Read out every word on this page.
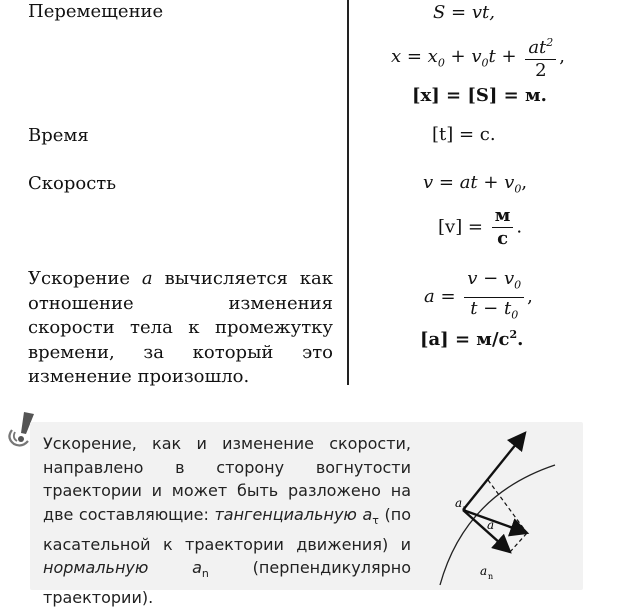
Перемещение
Время
Скорость
Ускорение a вычисляется как отношение изменения скорости тела к промежутку времени, за который это изменение произошло.
S = vt,
$x = x_0 + v_0t + \frac{at^2}{2}$ ,
[x] = [S] = м.
[t] = с.
v = at + $v_0$,
$[v] = \frac{м}{с}$ .
$a = \frac{v - v_0}{t - t_0}$ ,
$[a] = м/с^2$.
Ускорение, как и изменение скорости, направлено в сторону вогнутости траектории и может быть разложено на две составляющие: тангенциальную $a_\tau$ (по касательной к траектории движения) и нормальную	$a_n$ (перпендикулярно траектории).
a τ
a
a n
